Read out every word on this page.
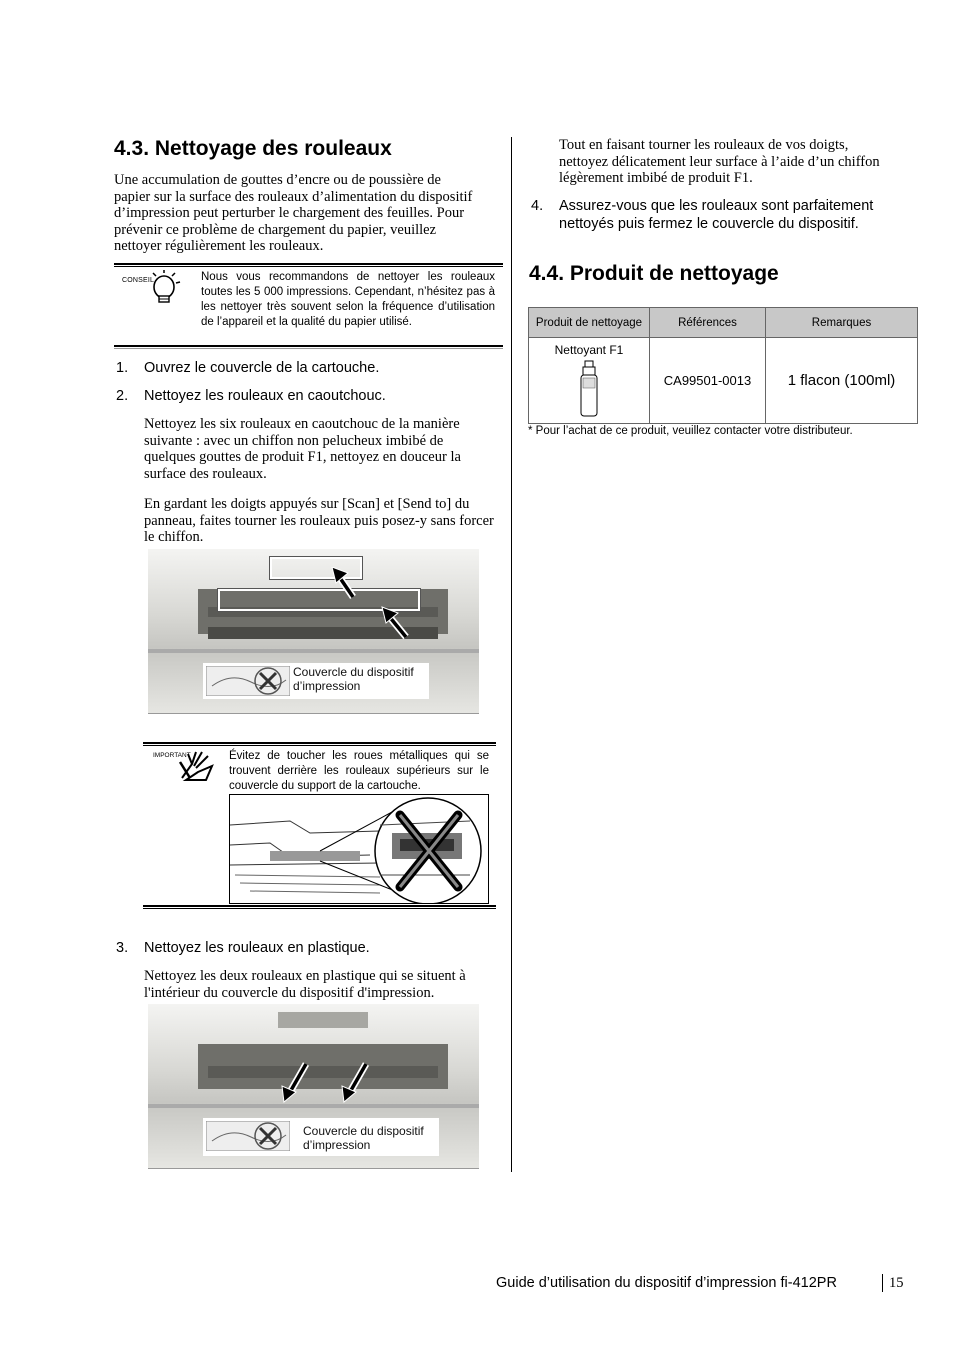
4.3. Nettoyage des rouleaux
Une accumulation de gouttes d’encre ou de poussière de papier sur la surface des rouleaux d’alimentation du dispositif d’impression peut perturber le chargement des feuilles. Pour prévenir ce problème de chargement du papier, veuillez nettoyer régulièrement les rouleaux.
CONSEIL	Nous vous recommandons de nettoyer les rouleaux toutes les 5 000 impressions. Cependant, n’hésitez pas à les nettoyer très souvent selon la fréquence d’utilisation de l’appareil et la qualité du papier utilisé.
1. Ouvrez le couvercle de la cartouche.
2. Nettoyez les rouleaux en caoutchouc.
Nettoyez les six rouleaux en caoutchouc de la manière suivante : avec un chiffon non pelucheux imbibé de quelques gouttes de produit F1, nettoyez en douceur la surface des rouleaux.
En gardant les doigts appuyés sur [Scan] et [Send to] du panneau, faites tourner les rouleaux puis posez-y sans forcer le chiffon.
Couvercle du dispositif d’impression
IMPORTANT	Évitez de toucher les roues métalliques qui se trouvent derrière les rouleaux supérieurs sur le couvercle du support de la cartouche.
3. Nettoyez les rouleaux en plastique.
Nettoyez les deux rouleaux en plastique qui se situent à l'intérieur du couvercle du dispositif d'impression.
Couvercle du dispositif d’impression
Tout en faisant tourner les rouleaux de vos doigts, nettoyez délicatement leur surface à l’aide d’un chiffon légèrement imbibé de produit F1.
4. Assurez-vous que les rouleaux sont parfaitement nettoyés puis fermez le couvercle du dispositif.
4.4. Produit de nettoyage
Produit de nettoyage	Références	Remarques

Nettoyant F1	CA99501-0013	1 flacon (100ml)
* Pour l’achat de ce produit, veuillez contacter votre distributeur.
Guide d’utilisation du dispositif d’impression fi-412PR	15
